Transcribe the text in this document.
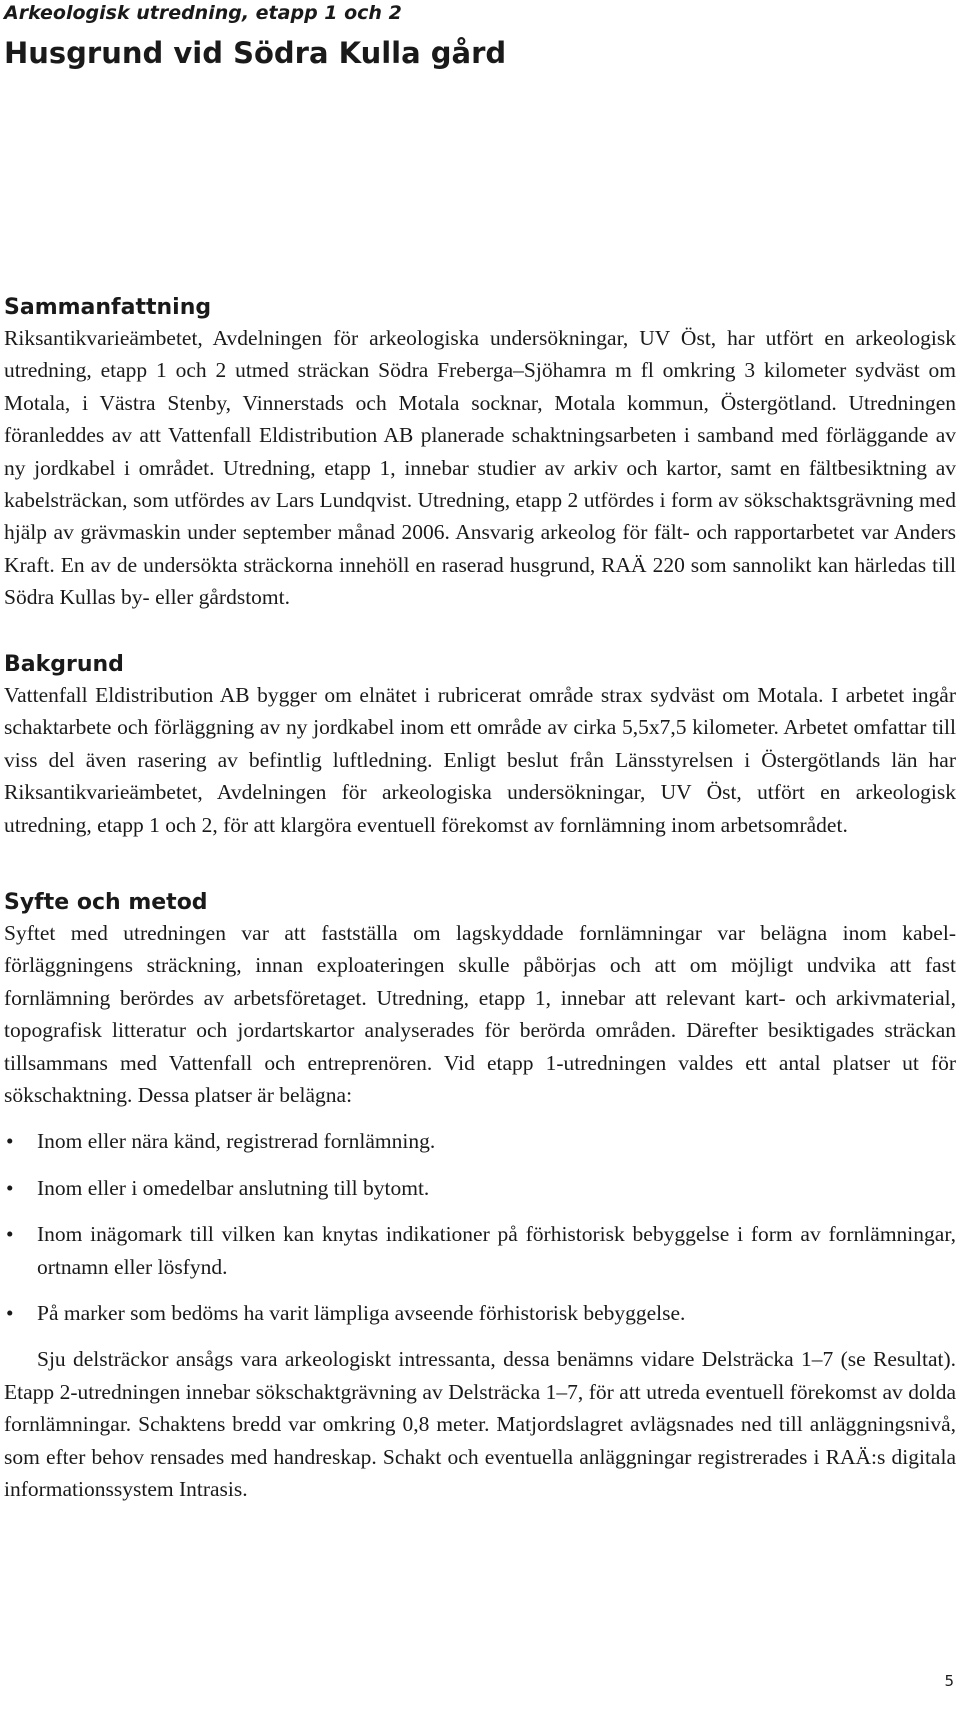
Arkeologisk utredning, etapp 1 och 2
Husgrund vid Södra Kulla gård
Sammanfattning

Riksantikvarieämbetet, Avdelningen för arkeologiska undersökningar, UV Öst, har utfört en arkeologisk utredning, etapp 1 och 2 utmed sträckan Södra Freberga–Sjöhamra m fl omkring 3 kilometer sydväst om Motala, i Västra Stenby, Vinnerstads och Motala socknar, Motala kommun, Östergötland. Utredningen föranleddes av att Vattenfall Eldistribution AB planerade schaktningsarbeten i samband med förläggande av ny jordkabel i området. Utredning, etapp 1, innebar studier av arkiv och kartor, samt en fältbesiktning av kabelsträckan, som utfördes av Lars Lundqvist. Utredning, etapp 2 utfördes i form av sökschaktsgrävning med hjälp av grävmaskin under september månad 2006. Ansvarig arkeolog för fält- och rapportarbetet var Anders Kraft. En av de undersökta sträckorna innehöll en raserad husgrund, RAÄ 220 som sannolikt kan härledas till Södra Kullas by- eller gårdstomt.

Bakgrund

Vattenfall Eldistribution AB bygger om elnätet i rubricerat område strax sydväst om Motala. I arbetet ingår schaktarbete och förläggning av ny jordkabel inom ett område av cirka 5,5x7,5 kilometer. Arbetet omfattar till viss del även rasering av befintlig luftledning. Enligt beslut från Länsstyrelsen i Östergötlands län har Riksantikvarieämbetet, Avdelningen för arkeologiska undersökningar, UV Öst, utfört en arkeologisk utredning, etapp 1 och 2, för att klargöra eventuell förekomst av fornlämning inom arbetsområdet.

Syfte och metod

Syftet med utredningen var att fastställa om lagskyddade fornlämningar var belägna inom kabelförläggningens sträckning, innan exploateringen skulle påbörjas och att om möjligt undvika att fast fornlämning berördes av arbetsföretaget. Utredning, etapp 1, innebar att relevant kart- och arkivmaterial, topografisk litteratur och jordartskartor analyserades för berörda områden. Därefter besiktigades sträckan tillsammans med Vattenfall och entreprenören. Vid etapp 1-utredningen valdes ett antal platser ut för sökschaktning. Dessa platser är belägna:

• Inom eller nära känd, registrerad fornlämning.
• Inom eller i omedelbar anslutning till bytomt.
• Inom inägomark till vilken kan knytas indikationer på förhistorisk bebyggelse i form av fornlämningar, ortnamn eller lösfynd.
• På marker som bedöms ha varit lämpliga avseende förhistorisk bebyggelse.

Sju delsträckor ansågs vara arkeologiskt intressanta, dessa benämns vidare Delsträcka 1–7 (se Resultat). Etapp 2-utredningen innebar sökschaktgrävning av Delsträcka 1–7, för att utreda eventuell förekomst av dolda fornlämningar. Schaktens bredd var omkring 0,8 meter. Matjordslagret avlägsnades ned till anläggningsnivå, som efter behov rensades med handreskap. Schakt och eventuella anläggningar registrerades i RAÄ:s digitala informationssystem Intrasis.

5
